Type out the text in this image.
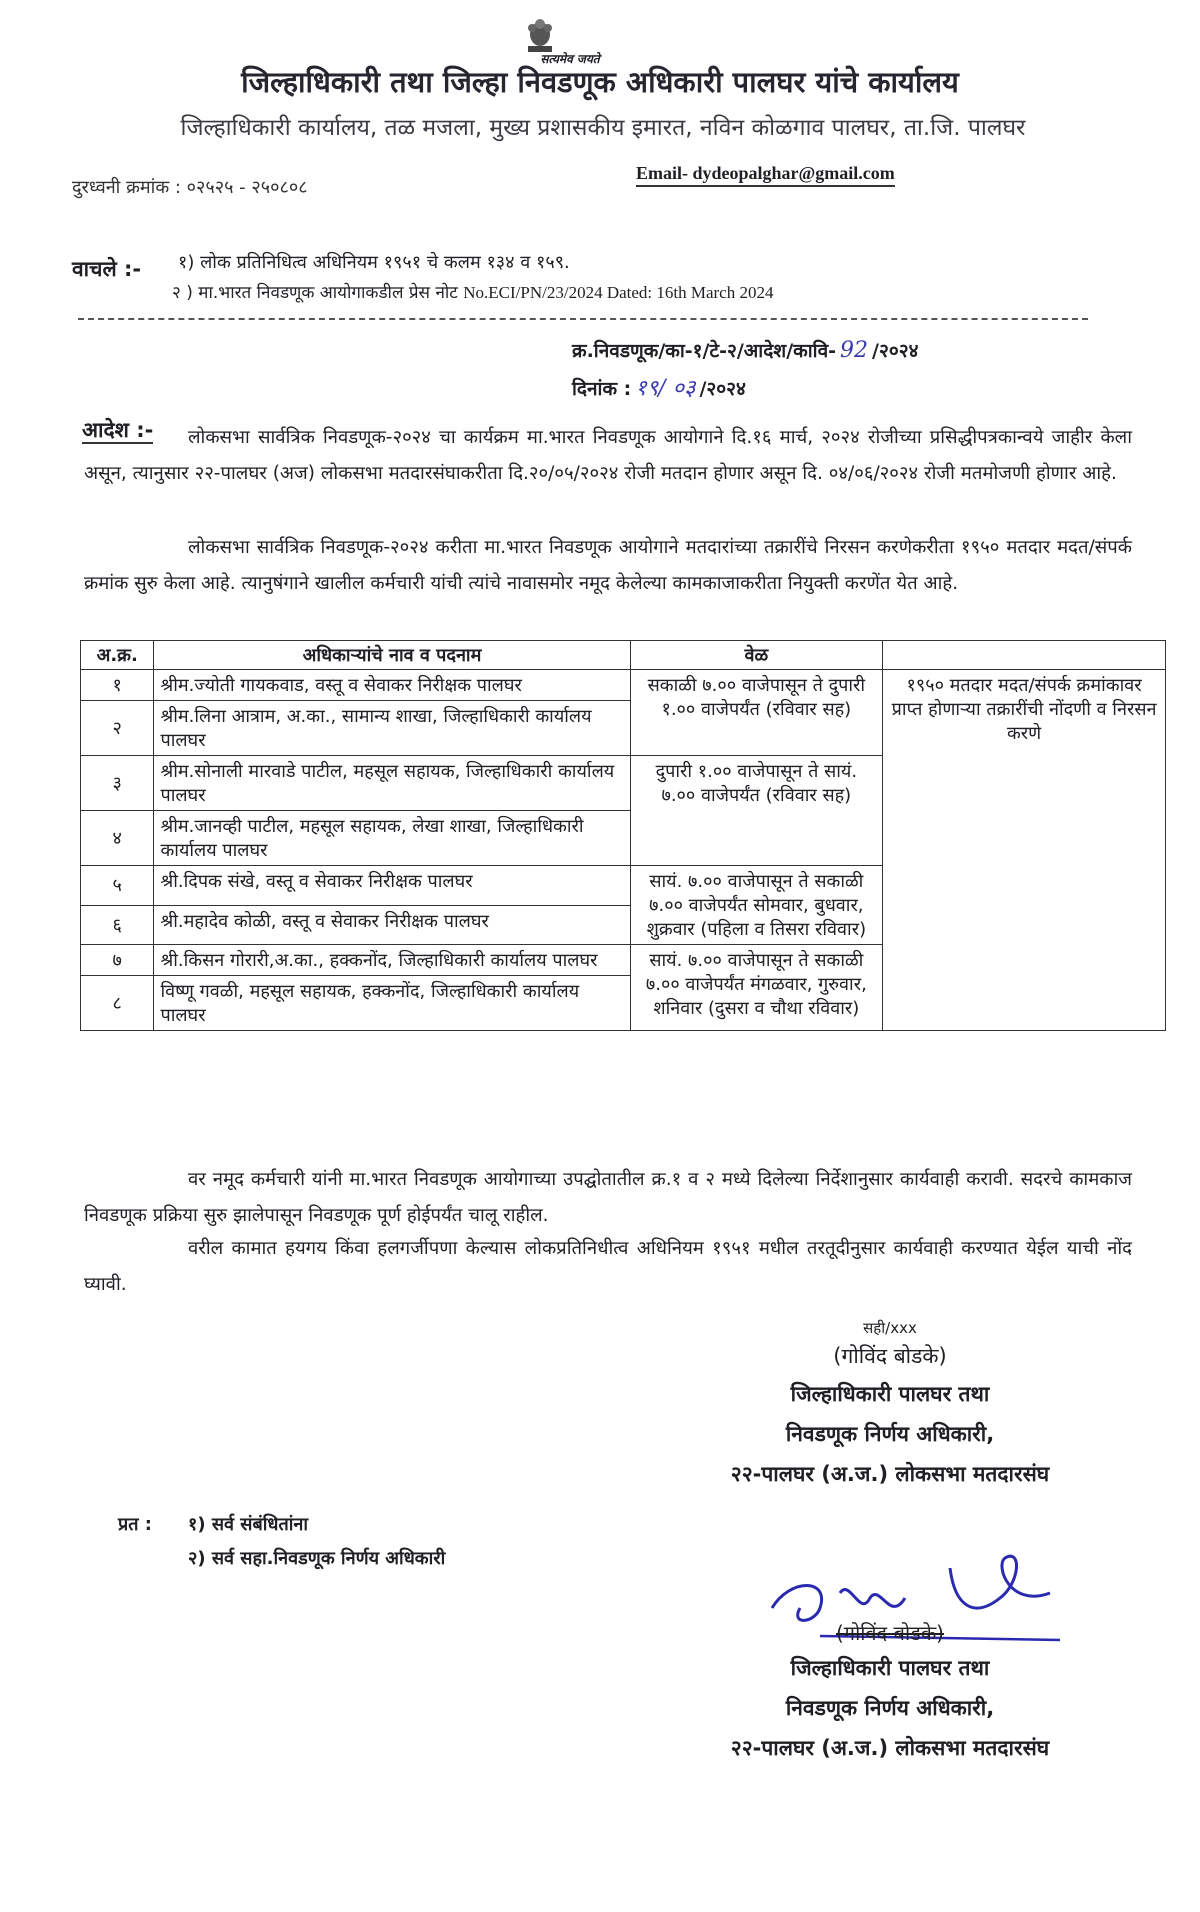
सत्यमेव जयते
जिल्हाधिकारी तथा जिल्हा निवडणूक अधिकारी पालघर यांचे कार्यालय
जिल्हाधिकारी कार्यालय, तळ मजला, मुख्य प्रशासकीय इमारत, नविन कोळगाव पालघर, ता.जि. पालघर
दुरध्वनी क्रमांक : ०२५२५ - २५०८०८
Email- dydeopalghar@gmail.com
वाचले :- १) लोक प्रतिनिधित्व अधिनियम १९५१ चे कलम १३४ व १५९.
२ ) मा.भारत निवडणूक आयोगाकडील प्रेस नोट No.ECI/PN/23/2024 Dated: 16th March 2024
क्र.निवडणूक/का-१/टे-२/आदेश/कावि- 92 /२०२४
दिनांक : १९/ ०३ /२०२४
आदेश :-	लोकसभा सार्वत्रिक निवडणूक-२०२४ चा कार्यक्रम मा.भारत निवडणूक आयोगाने दि.१६ मार्च, २०२४ रोजीच्या प्रसिद्धीपत्रकान्वये जाहीर केला असून, त्यानुसार २२-पालघर (अज) लोकसभा मतदारसंघाकरीता दि.२०/०५/२०२४ रोजी मतदान होणार असून दि. ०४/०६/२०२४ रोजी मतमोजणी होणार आहे.
लोकसभा सार्वत्रिक निवडणूक-२०२४ करीता मा.भारत निवडणूक आयोगाने मतदारांच्या तक्रारींचे निरसन करणेकरीता १९५० मतदार मदत/संपर्क क्रमांक सुरु केला आहे. त्यानुषंगाने खालील कर्मचारी यांची त्यांचे नावासमोर नमूद केलेल्या कामकाजाकरीता नियुक्ती करणेंत येत आहे.
अ.क्र.	अधिकाऱ्यांचे नाव व पदनाम	वेळ	
१	श्रीम.ज्योती गायकवाड, वस्तू व सेवाकर निरीक्षक पालघर	सकाळी ७.०० वाजेपासून ते दुपारी १.०० वाजेपर्यंत (रविवार सह)	१९५० मतदार मदत/संपर्क क्रमांकावर प्राप्त होणाऱ्या तक्रारींची नोंदणी व निरसन करणे
२	श्रीम.लिना आत्राम, अ.का., सामान्य शाखा, जिल्हाधिकारी कार्यालय पालघर		
३	श्रीम.सोनाली मारवाडे पाटील, महसूल सहायक, जिल्हाधिकारी कार्यालय पालघर	दुपारी १.०० वाजेपासून ते सायं. ७.०० वाजेपर्यंत (रविवार सह)	
४	श्रीम.जानव्ही पाटील, महसूल सहायक, लेखा शाखा, जिल्हाधिकारी कार्यालय पालघर		
५	श्री.दिपक संखे, वस्तू व सेवाकर निरीक्षक पालघर	सायं. ७.०० वाजेपासून ते सकाळी ७.०० वाजेपर्यंत सोमवार, बुधवार, शुक्रवार (पहिला व तिसरा रविवार)	
६	श्री.महादेव कोळी, वस्तू व सेवाकर निरीक्षक पालघर		
७	श्री.किसन गोरारी,अ.का., हक्कनोंद, जिल्हाधिकारी कार्यालय पालघर	सायं. ७.०० वाजेपासून ते सकाळी ७.०० वाजेपर्यंत मंगळवार, गुरुवार, शनिवार (दुसरा व चौथा रविवार)	
८	विष्णू गवळी, महसूल सहायक, हक्कनोंद, जिल्हाधिकारी कार्यालय पालघर		
वर नमूद कर्मचारी यांनी मा.भारत निवडणूक आयोगाच्या उपद्घोतातील क्र.१ व २ मध्ये दिलेल्या निर्देशानुसार कार्यवाही करावी. सदरचे कामकाज निवडणूक प्रक्रिया सुरु झालेपासून निवडणूक पूर्ण होईपर्यंत चालू राहील.
वरील कामात हयगय किंवा हलगर्जीपणा केल्यास लोकप्रतिनिधीत्व अधिनियम १९५१ मधील तरतूदीनुसार कार्यवाही करण्यात येईल याची नोंद घ्यावी.
सही/xxx
(गोविंद बोडके)
जिल्हाधिकारी पालघर तथा
निवडणूक निर्णय अधिकारी,
२२-पालघर (अ.ज.) लोकसभा मतदारसंघ
प्रत : १) सर्व संबंधितांना
२) सर्व सहा.निवडणूक निर्णय अधिकारी
(गोविंद बोडके)
जिल्हाधिकारी पालघर तथा
निवडणूक निर्णय अधिकारी,
२२-पालघर (अ.ज.) लोकसभा मतदारसंघ
